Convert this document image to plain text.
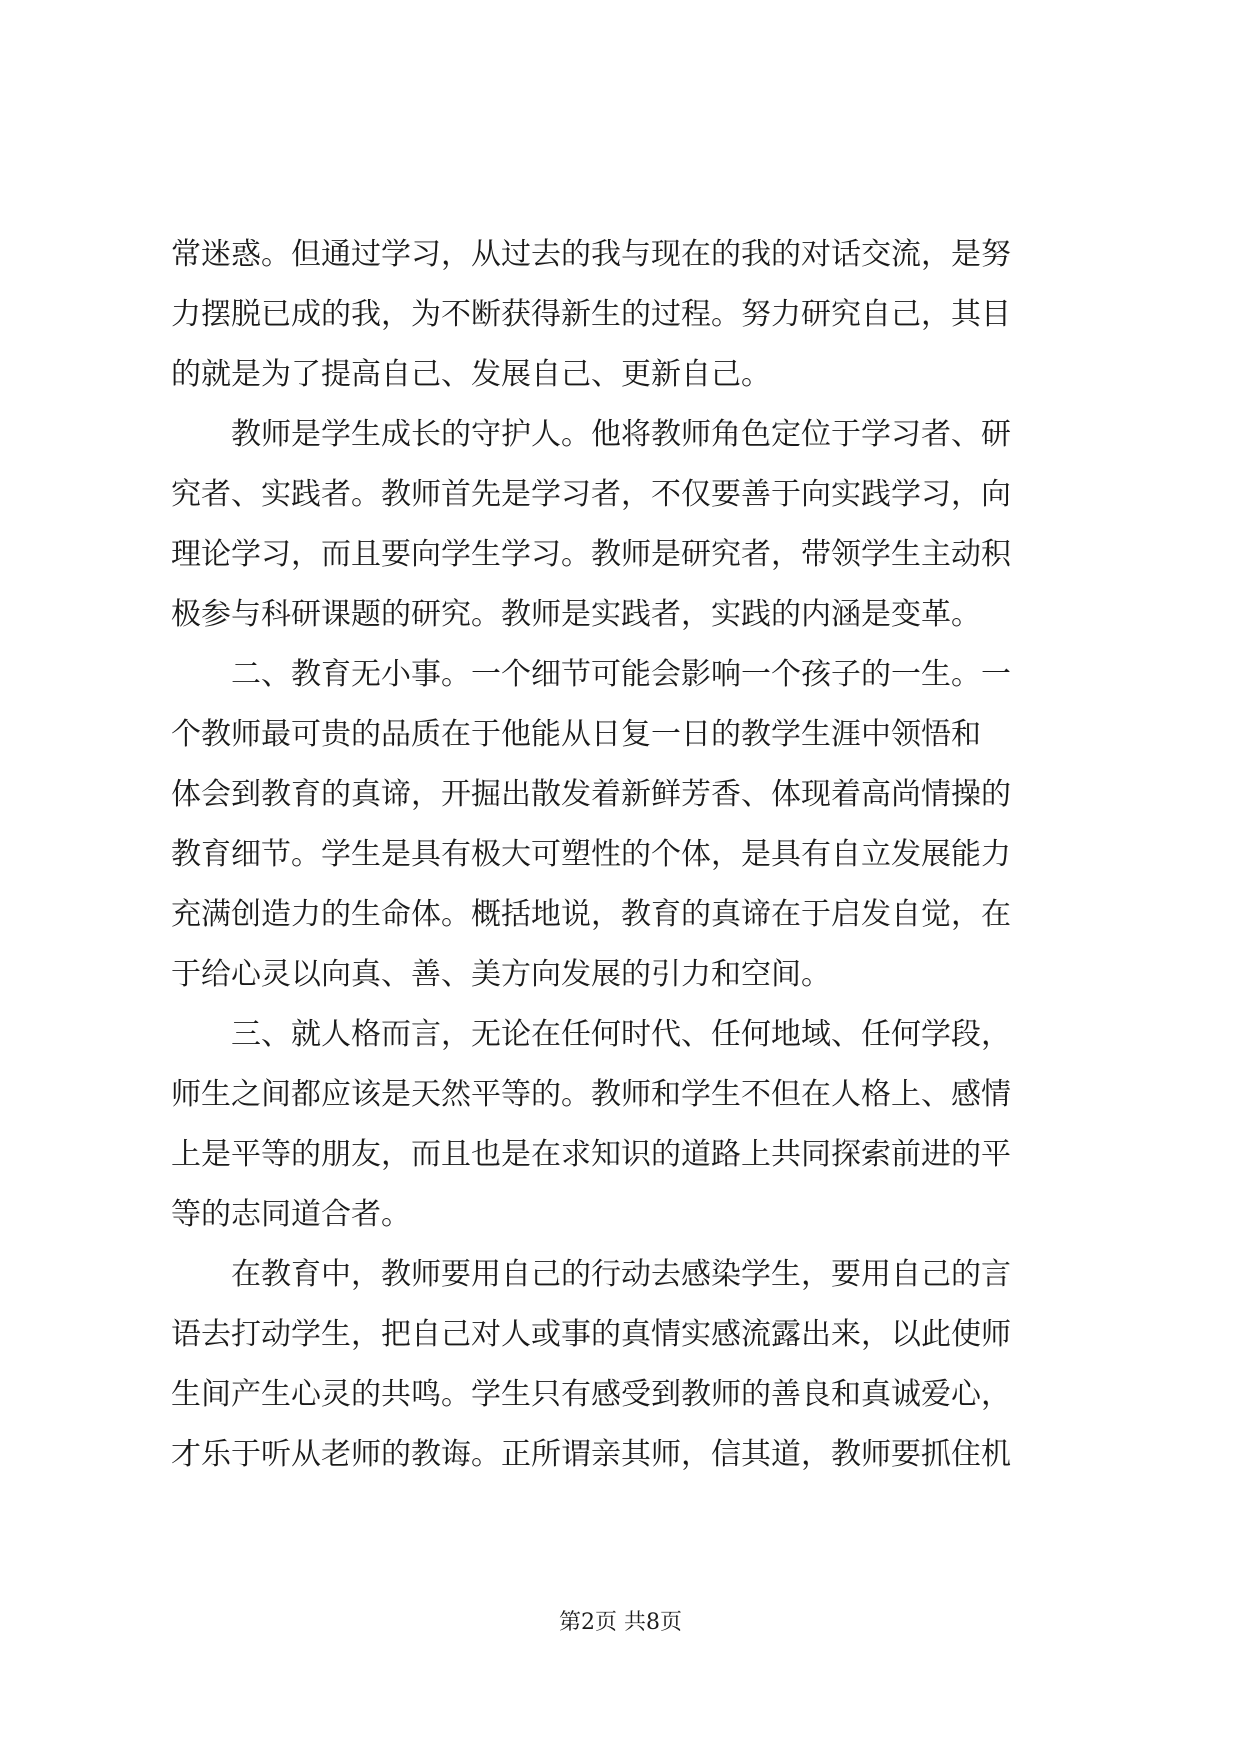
常迷惑。但通过学习，从过去的我与现在的我的对话交流，是努
力摆脱已成的我，为不断获得新生的过程。努力研究自己，其目
的就是为了提高自己、发展自己、更新自己。
　　教师是学生成长的守护人。他将教师角色定位于学习者、研
究者、实践者。教师首先是学习者，不仅要善于向实践学习，向
理论学习，而且要向学生学习。教师是研究者，带领学生主动积
极参与科研课题的研究。教师是实践者，实践的内涵是变革。
　　二、教育无小事。一个细节可能会影响一个孩子的一生。一
个教师最可贵的品质在于他能从日复一日的教学生涯中领悟和
体会到教育的真谛，开掘出散发着新鲜芳香、体现着高尚情操的
教育细节。学生是具有极大可塑性的个体，是具有自立发展能力
充满创造力的生命体。概括地说，教育的真谛在于启发自觉，在
于给心灵以向真、善、美方向发展的引力和空间。
　　三、就人格而言，无论在任何时代、任何地域、任何学段，
师生之间都应该是天然平等的。教师和学生不但在人格上、感情
上是平等的朋友，而且也是在求知识的道路上共同探索前进的平
等的志同道合者。
　　在教育中，教师要用自己的行动去感染学生，要用自己的言
语去打动学生，把自己对人或事的真情实感流露出来，以此使师
生间产生心灵的共鸣。学生只有感受到教师的善良和真诚爱心，
才乐于听从老师的教诲。正所谓亲其师，信其道，教师要抓住机
第2页 共8页
